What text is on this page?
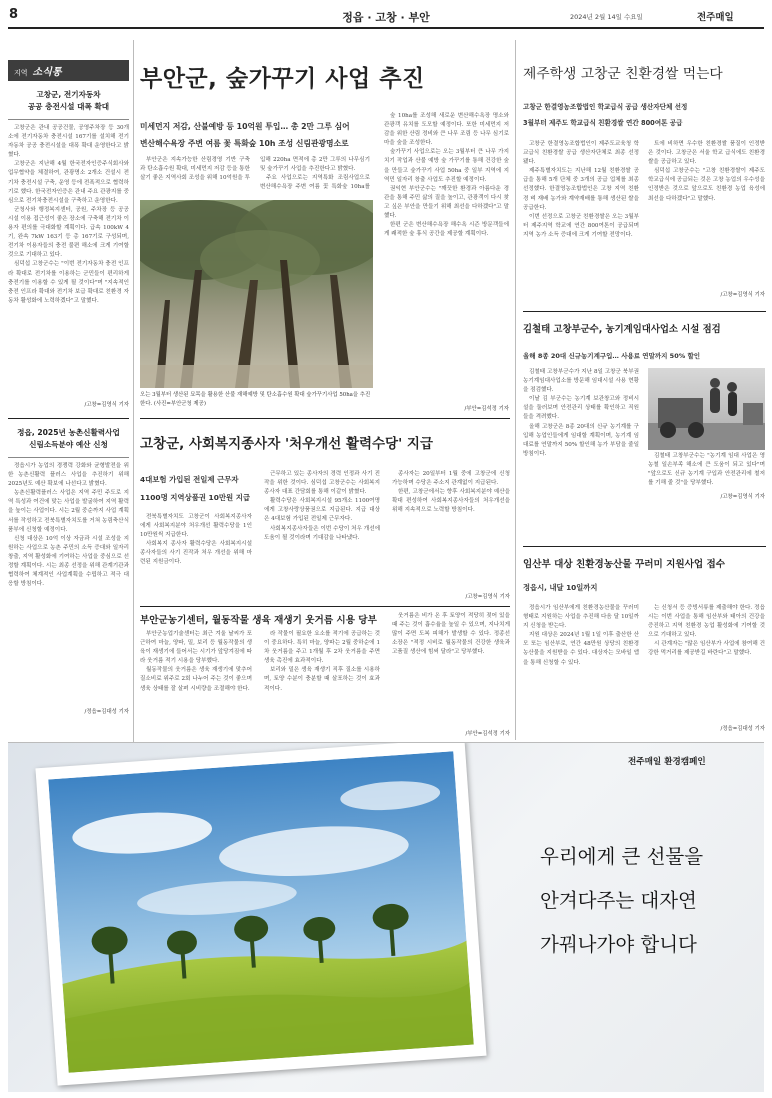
8	정읍 · 고창 · 부안	2024년 2월 14일 수요일	전주매일
지역 소식통
고창군, 전기자동차
공공 충전시설 대폭 확대

고창군은 관내 공공건물, 공영주차장 등 30개소에 전기자동차 충전시설 167기를 설치해 전기자동차 공공 충전시설을 대폭 확대 운영한다고 밝혔다.

고창군은 지난해 4월 한국전자인증주식회사와 업무협약을 체결하여, 관광명소 2개소 건설시 전기차 충전시설 구축, 운영 등에 전폭적으로 협력하기로 했다. 한국전자인증은 관내 주요 관광지를 중심으로 전기차충전시설을 구축하고 운영한다.

군청사와 행정복지센터, 공원, 주차장 등 공공시설 이용 접근성이 좋은 장소에 구축해 전기차 이용자 편의를 극대화할 계획이다. 급속 100kW 4기, 완속 7kW 163기 등 총 167기로 구성되며, 전기차 이용자들의 충전 불편 해소에 크게 기여할 것으로 기대하고 있다.

심덕섭 고창군수는 "이번 전기자동차 충전 인프라 확대로 전기차를 이용하는 군민들이 편리하게 충전기를 이용할 수 있게 될 것이다"며 "지속적인 충전 인프라 확대와 전기차 보급 확대로 친환경 자동차 활성화에 노력하겠다"고 말했다.

/고창=김영식 기자
정읍, 2025년 농촌신활력사업
신림소득분야 예산 신청

정읍시가 농업의 경쟁력 강화와 균형발전을 위한 농촌신활력 플러스 사업을 추진하기 위해 2025년도 예산 확보에 나선다고 밝혔다.

농촌신활력플러스 사업은 지역 주민 주도로 지역 특성과 여건에 맞는 사업을 발굴하여 지역 활력을 높이는 사업이다. 시는 2월 중순까지 사업 계획서를 작성하고 전북특별자치도를 거쳐 농림축산식품부에 신청할 예정이다.

신청 대상은 10억 이상 자금과 시설 조성을 지원하는 사업으로 농촌 주민의 소득 증대와 일자리 창출, 지역 활성화에 기여하는 사업을 중심으로 선정할 계획이다. 시는 최종 선정을 위해 관계기관과 협력하여 체계적인 사업계획을 수립하고 적극 대응할 방침이다.

/정읍=김대성 기자
부안군, 숲가꾸기 사업 추진
미세먼지 저감, 산불예방 등 10억원 투입… 총 2만 그루 심어
변산해수욕장 주변 여름 꽃 특화숲 10h 조성 신림관광명소로

부안군은 지속가능한 산림경영 기반 구축과 탄소흡수원 확대, 미세먼지 저감 등을 통한 살기 좋은 지역사회 조성을 위해 10억원을 투입해 220ha 면적에 총 2만 그루의 나무심기 및 숲가꾸기 사업을 추진한다고 밝혔다.

주요 사업으로는 지역특화 조림사업으로 변산해수욕장 주변 여름 꽃 특화숲 10ha를

오는 3월부터 생산된 묘목을 활용한 산불 재해예방 및 탄소흡수원 확대 숲가꾸기사업 50ha을 추진한다. (사진=부안군청 제공)

숲 10ha를 조성해 새로운 변산해수욕장 명소와 관광객 유치를 도모할 예정이다. 또한 미세먼지 저감을 위한 산림 정비와 큰 나무 조림 등 나무 심기로 마을 숲을 조성한다.

숲가꾸기 사업으로는 오는 3월부터 큰 나무 가지치기 작업과 산불 예방 숲 가꾸기를 통해 건강한 숲을 만들고 숲가꾸기 사업 50ha 중 일부 지역에 지역민 일자리 창출 사업도 추진할 예정이다.

권익현 부안군수는 "깨끗한 환경과 아름다운 경관을 통해 주민 삶의 질을 높이고, 관광객이 다시 찾고 싶은 부안을 만들기 위해 최선을 다하겠다"고 말했다.

한편 군은 변산해수욕장 해수욕 시즌 방문객들에게 쾌적한 숲 휴식 공간을 제공할 계획이다.

/부안=김석정 기자
고창군, 사회복지종사자 '처우개선 활력수당' 지급
4대보험 가입된 전일제 근무자
1100명 지역상품권 10만원 지급

전북특별자치도 고창군이 사회복지종사자에게 사회복지분야 처우개선 활력수당을 1인 10만원씩 지급한다.

사회복지 종사자 활력수당은 사회복지시설 종사자들의 사기 진작과 처우 개선을 위해 마련된 지원금이다.

근무하고 있는 종사자의 경력 인정과 사기 진작을 위한 것이다. 심덕섭 고창군수는 사회복지종사자 대표 간담회를 통해 이같이 밝혔다.

활력수당은 사회복지시설 95개소 1100여명에게 고창사랑상품권으로 지급된다. 지급 대상은 4대보험 가입된 전일제 근무자다.

사회복지종사자들은 이번 수당이 처우 개선에 도움이 될 것이라며 기대감을 나타냈다.

종사자는 20일부터 1월 중에 고창군에 신청 가능하며 수당은 주소지 관계없이 지급된다.

한편, 고창군에서는 향후 사회복지분야 예산을 확대 편성하여 사회복지종사자들의 처우개선을 위해 지속적으로 노력할 방침이다.

/고창=김영식 기자
부안군농기센터, 월동작물 생육 재생기 웃거름 시용 당부

부안군농업기술센터는 최근 겨울 날씨가 포근하여 마늘, 양파, 밀, 보리 등 월동작물의 생육이 재생기에 들어서는 시기가 앞당겨짐에 따라 웃거름 적기 시용을 당부했다.

월동작물의 웃거름은 생육 재생기에 맞추어 질소비료 위주로 2회 나누어 주는 것이 좋으며 생육 상태를 잘 살펴 시비량을 조절해야 한다.

라 작물이 필요한 요소를 적기에 공급하는 것이 중요하다. 특히 마늘, 양파는 2월 중하순에 1차 웃거름을 주고 1개월 후 2차 웃거름을 주면 생육 촉진에 효과적이다.

보리와 밀은 생육 재생기 직후 질소를 시용하며, 토양 수분이 충분할 때 살포하는 것이 효과적이다.

웃거름은 비가 온 후 토양이 적당히 젖어 있을 때 주는 것이 흡수율을 높일 수 있으며, 지나치게 많이 주면 도복 피해가 발생할 수 있다. 정종선 소장은 "적정 시비로 월동작물의 건강한 생육과 고품질 생산에 힘써 달라"고 당부했다.

/부안=김석정 기자
제주학생 고창군 친환경쌀 먹는다
고창군 한결영농조합법인 학교급식 공급 생산자단체 선정
3월부터 제주도 학교급식 친환경쌀 연간 800여톤 공급

고창군 한결영농조합법인이 제주도교육청 학교급식 친환경쌀 공급 생산자단체로 최종 선정됐다.

제주특별자치도는 지난해 12월 친환경쌀 공급을 통해 5개 단체 중 3개의 공급 업체를 최종 선정했다. 한결영농조합법인은 고창 지역 친환경 벼 재배 농가와 계약재배를 통해 생산된 쌀을 공급한다.

이번 선정으로 고창군 친환경쌀은 오는 3월부터 제주지역 학교에 연간 800여톤이 공급되며 지역 농가 소득 증대에 크게 기여할 전망이다.

트에 비하면 우수한 친환경쌀 품질이 인정받은 것이다. 고창군은 서울 학교 급식에도 친환경쌀을 공급하고 있다.

심덕섭 고창군수는 "고창 친환경쌀이 제주도 학교급식에 공급되는 것은 고창 농업의 우수성을 인정받은 것으로 앞으로도 친환경 농업 육성에 최선을 다하겠다"고 말했다.

/고창=김영식 기자
김철태 고창부군수, 농기계임대사업소 시설 점검
올해 8종 20대 신규농기계구입… 사용료 연말까지 50% 할인

김철태 고창부군수가 지난 8일 고창군 북부권 농기계임대사업소를 방문해 임대시설 사용 현황을 점검했다.

이날 김 부군수는 농기계 보관창고와 정비시설을 둘러보며 안전관리 상태를 확인하고 직원들을 격려했다.

올해 고창군은 8종 20대의 신규 농기계를 구입해 농업인들에게 임대할 계획이며, 농기계 임대료를 연말까지 50% 할인해 농가 부담을 줄일 방침이다.	김철태 고창부군수는 "농기계 임대 사업은 영농철 일손부족 해소에 큰 도움이 되고 있다"며 "앞으로도 신규 농기계 구입과 안전관리에 철저를 기해 줄 것"을 당부했다.

/고창=김영식 기자
임산부 대상 친환경농산물 꾸러미 지원사업 접수
정읍시, 내달 10일까지

정읍시가 임산부에게 친환경농산물을 꾸러미 형태로 지원하는 사업을 추진해 다음 달 10일까지 신청을 받는다.

지원 대상은 2024년 1월 1일 이후 출산한 산모 또는 임산부로, 연간 48만원 상당의 친환경농산물을 지원받을 수 있다. 대상자는 모바일 앱을 통해 신청할 수 있다.

는 신청서 등 증빙서류를 제출해야 한다. 정읍시는 이번 사업을 통해 임산부와 태아의 건강을 증진하고 지역 친환경 농업 활성화에 기여할 것으로 기대하고 있다.

시 관계자는 "많은 임산부가 사업에 참여해 건강한 먹거리를 제공받길 바란다"고 말했다.

/정읍=김대성 기자
전주매일 환경캠페인
우리에게 큰 선물을
안겨다주는 대자연
가꿔나가야 합니다
